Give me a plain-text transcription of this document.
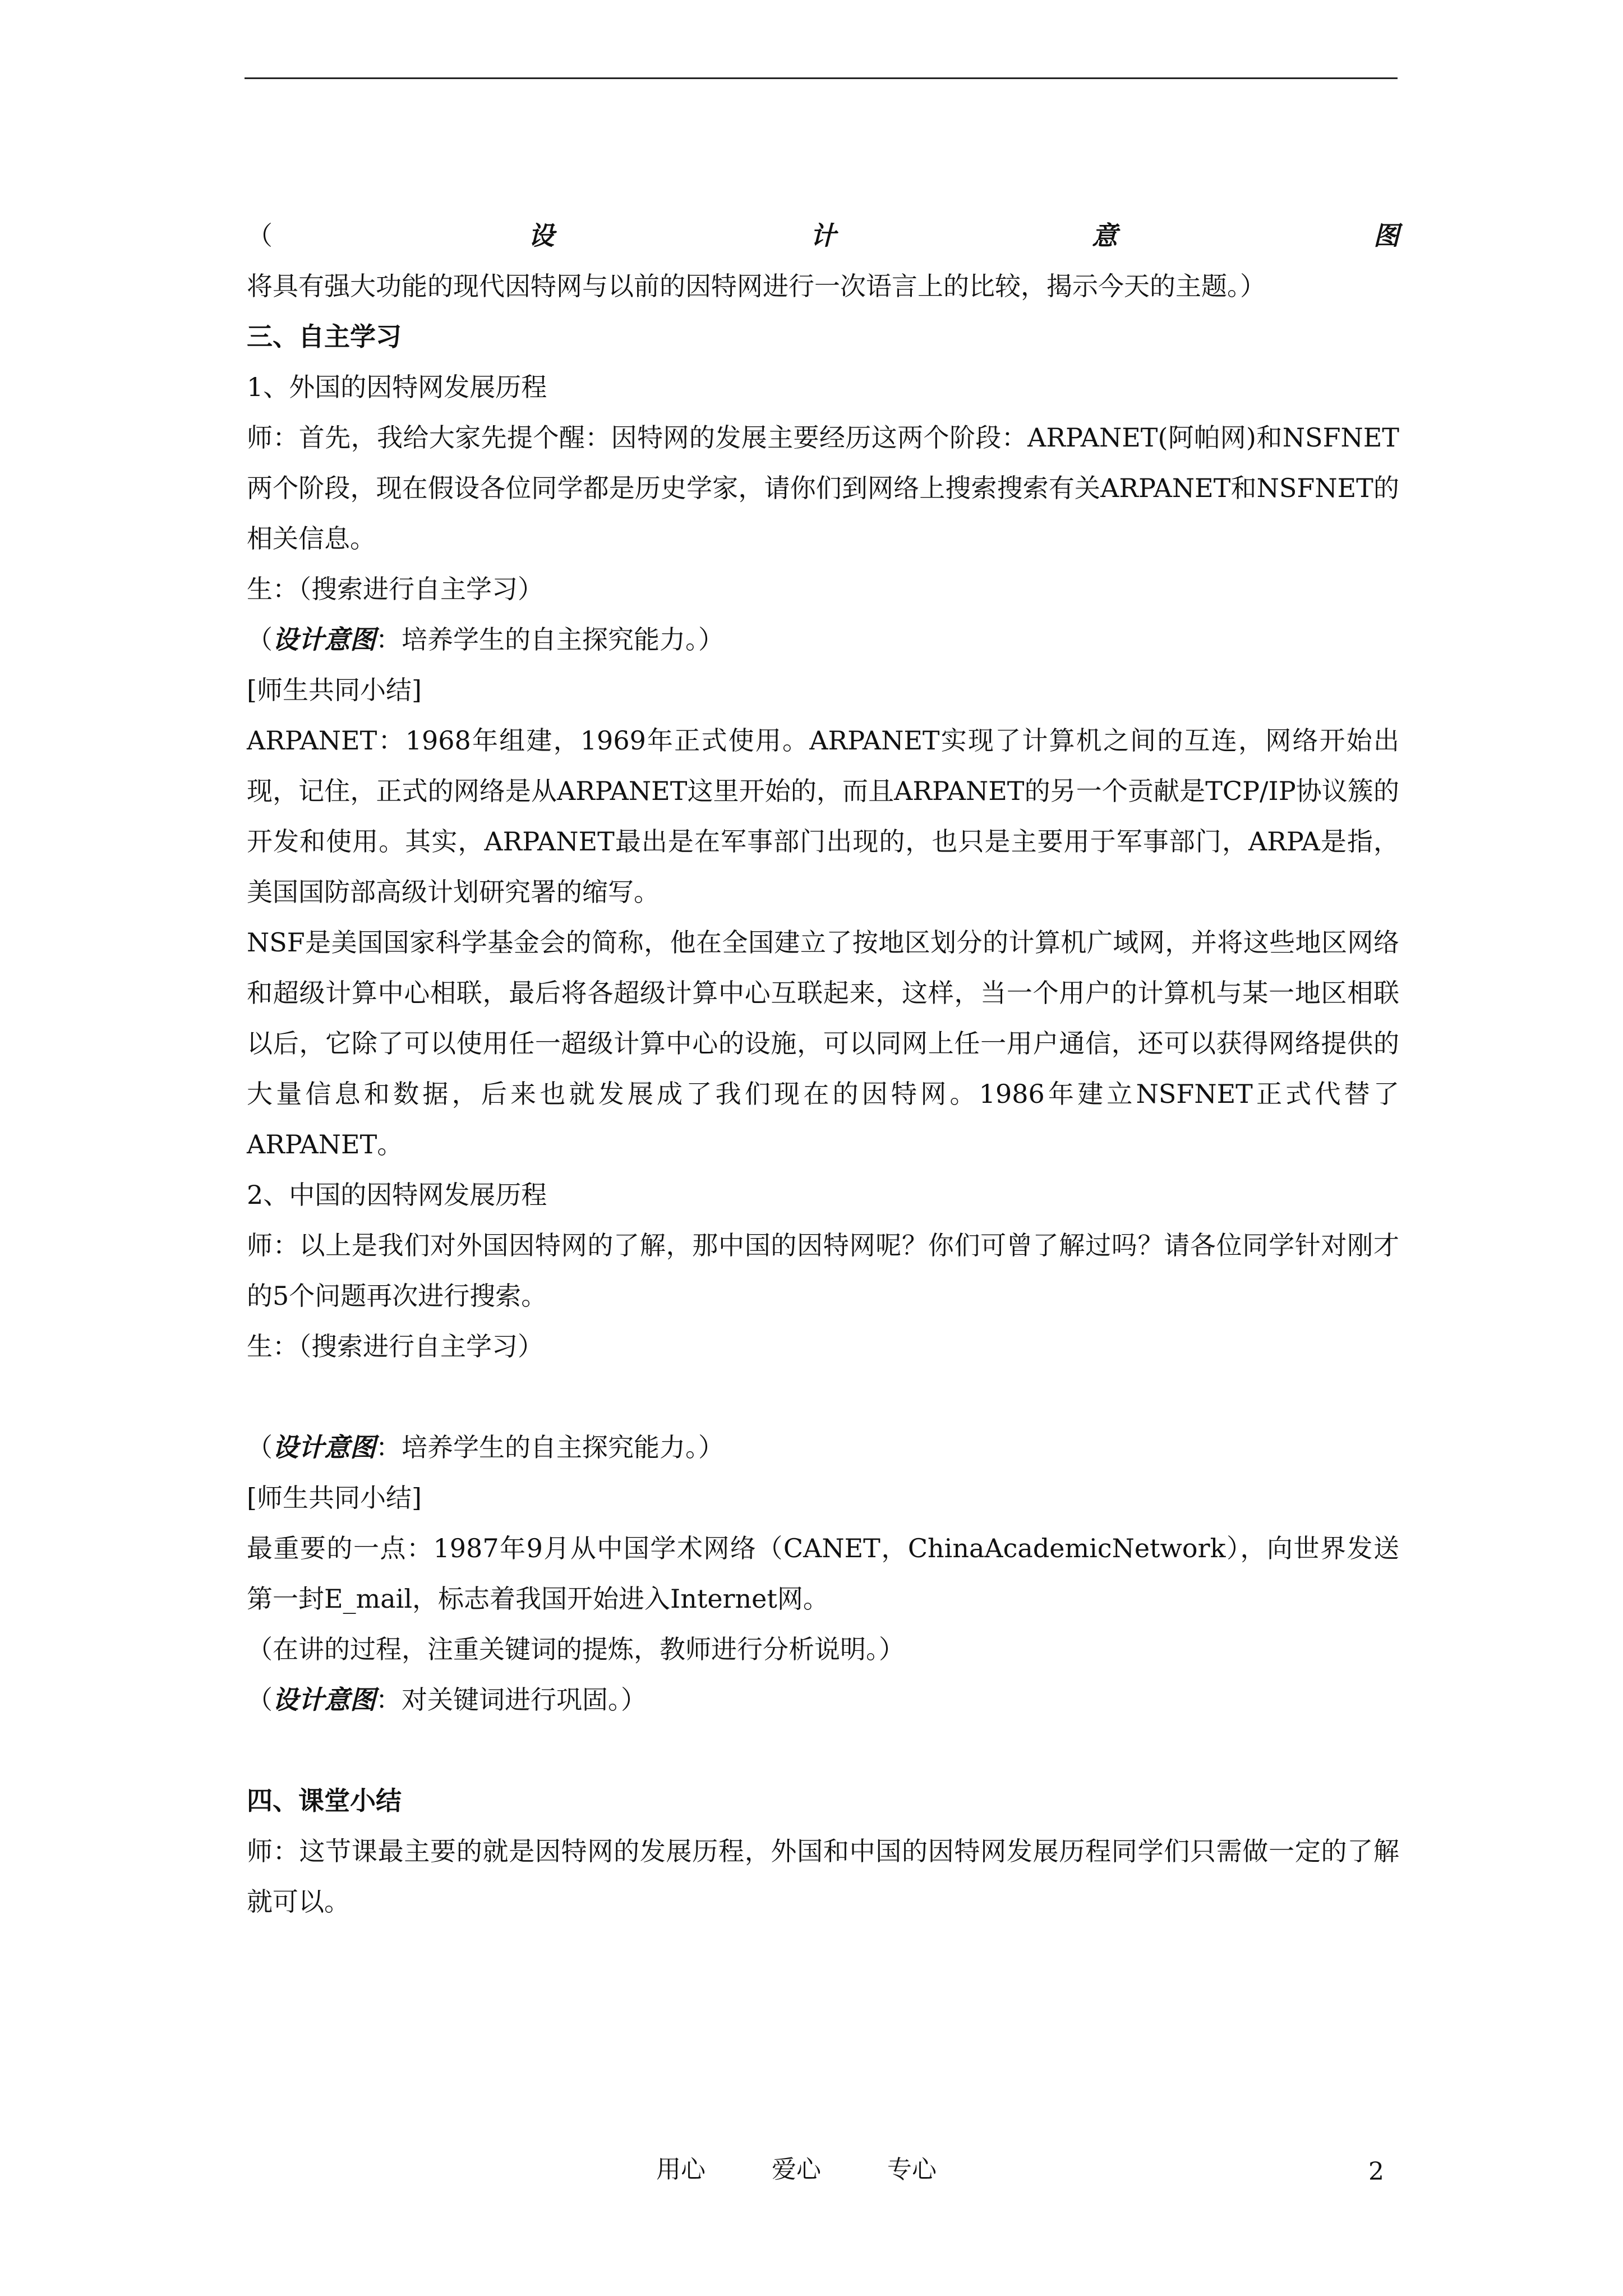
（设计意图 将具有强大功能的现代因特网与以前的因特网进行一次语言上的比较，揭示今天的主题。）

三、自主学习

1、外国的因特网发展历程

师：首先，我给大家先提个醒：因特网的发展主要经历这两个阶段：ARPANET(阿帕网)和NSFNET两个阶段，现在假设各位同学都是历史学家，请你们到网络上搜索搜索有关ARPANET和NSFNET的相关信息。

生：（搜索进行自主学习）

（设计意图：培养学生的自主探究能力。）

[师生共同小结]

ARPANET：1968年组建，1969年正式使用。ARPANET实现了计算机之间的互连，网络开始出现，记住，正式的网络是从ARPANET这里开始的，而且ARPANET的另一个贡献是TCP/IP协议簇的开发和使用。其实，ARPANET最出是在军事部门出现的，也只是主要用于军事部门，ARPA是指，美国国防部高级计划研究署的缩写。

NSF是美国国家科学基金会的简称，他在全国建立了按地区划分的计算机广域网，并将这些地区网络和超级计算中心相联，最后将各超级计算中心互联起来，这样，当一个用户的计算机与某一地区相联以后，它除了可以使用任一超级计算中心的设施，可以同网上任一用户通信，还可以获得网络提供的大量信息和数据，后来也就发展成了我们现在的因特网。1986年建立NSFNET正式代替了ARPANET。

2、中国的因特网发展历程

师：以上是我们对外国因特网的了解，那中国的因特网呢？你们可曾了解过吗？请各位同学针对刚才的5个问题再次进行搜索。

生：（搜索进行自主学习）

（设计意图：培养学生的自主探究能力。）

[师生共同小结]

最重要的一点：1987年9月从中国学术网络（CANET，ChinaAcademicNetwork），向世界发送第一封E_mail，标志着我国开始进入Internet网。

（在讲的过程，注重关键词的提炼，教师进行分析说明。）

（设计意图：对关键词进行巩固。）

四、课堂小结

师：这节课最主要的就是因特网的发展历程，外国和中国的因特网发展历程同学们只需做一定的了解就可以。

用心	爱心	专心	2
